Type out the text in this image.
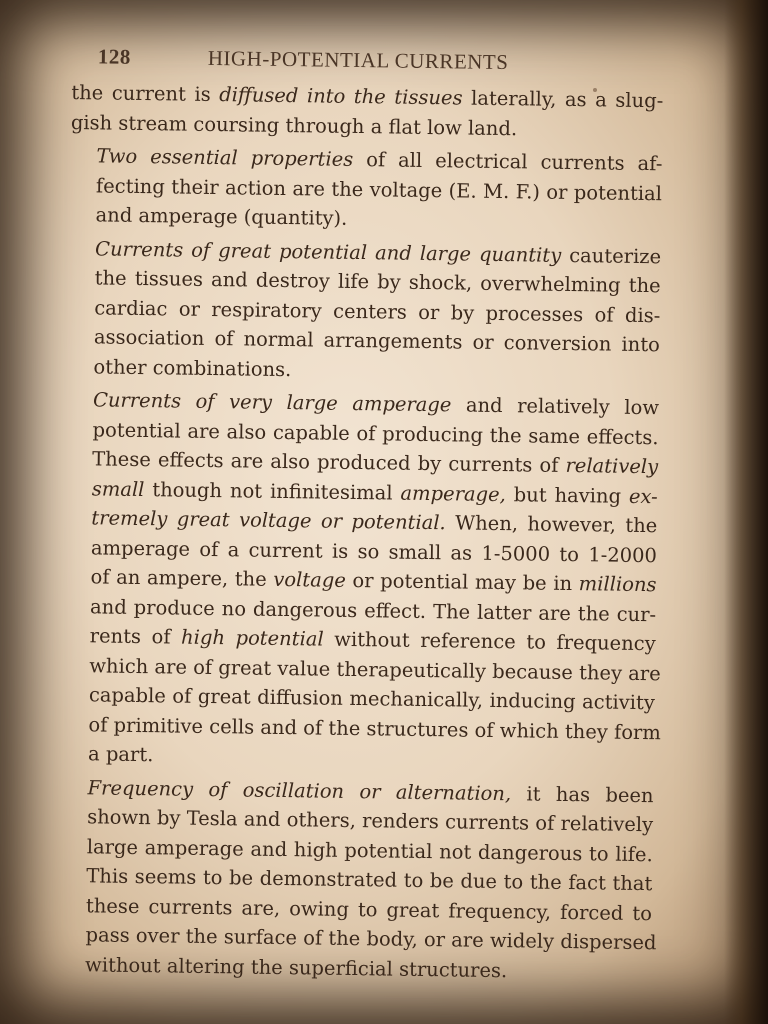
128	HIGH-POTENTIAL CURRENTS

the current is diffused into the tissues laterally, as a slug-
gish stream coursing through a flat low land.

Two essential properties of all electrical currents af-
fecting their action are the voltage (E. M. F.) or potential
and amperage (quantity).

Currents of great potential and large quantity cauterize
the tissues and destroy life by shock, overwhelming the
cardiac or respiratory centers or by processes of dis-
association of normal arrangements or conversion into
other combinations.

Currents of very large amperage and relatively low
potential are also capable of producing the same effects.
These effects are also produced by currents of relatively
small though not infinitesimal amperage, but having ex-
tremely great voltage or potential. When, however, the
amperage of a current is so small as 1-5000 to 1-2000
of an ampere, the voltage or potential may be in millions
and produce no dangerous effect. The latter are the cur-
rents of high potential without reference to frequency
which are of great value therapeutically because they are
capable of great diffusion mechanically, inducing activity
of primitive cells and of the structures of which they form
a part.

Frequency of oscillation or alternation, it has been
shown by Tesla and others, renders currents of relatively
large amperage and high potential not dangerous to life.
This seems to be demonstrated to be due to the fact that
these currents are, owing to great frequency, forced to
pass over the surface of the body, or are widely dispersed
without altering the superficial structures.
